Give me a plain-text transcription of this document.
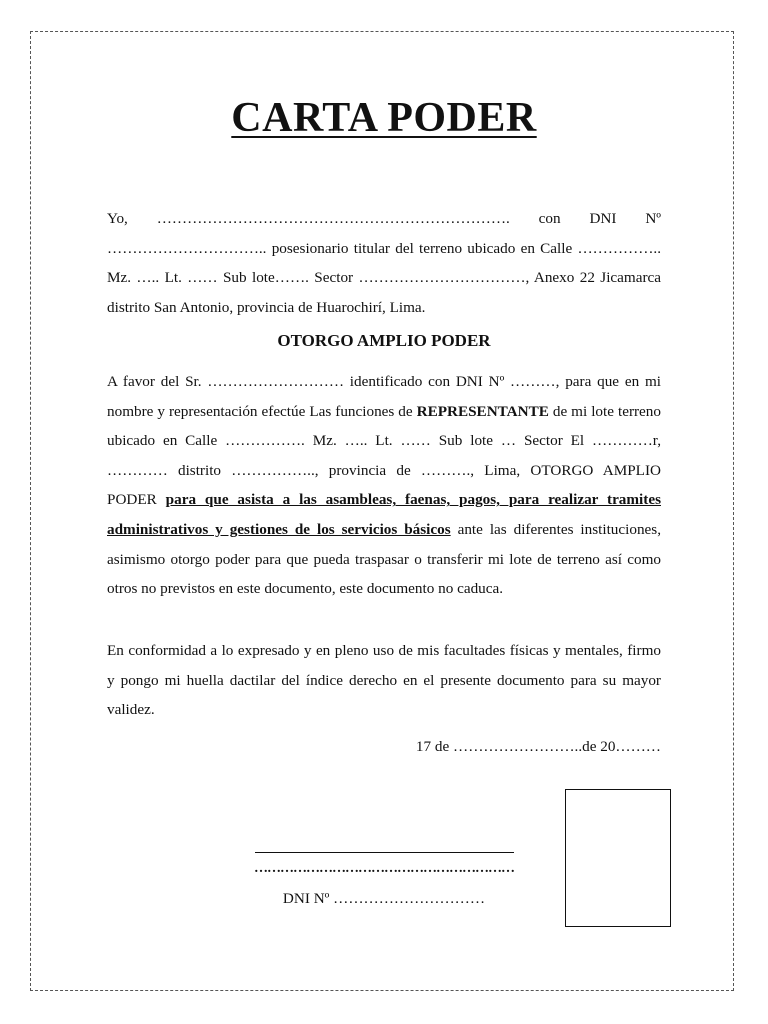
CARTA PODER

Yo, ……………………………………………………………. con DNI Nº ………………………….. posesionario titular del terreno ubicado en Calle …………….. Mz. ….. Lt. …… Sub lote……. Sector ……………………………, Anexo 22 Jicamarca distrito San Antonio, provincia de Huarochirí, Lima.

OTORGO AMPLIO PODER

A favor del Sr. ……………………… identificado con DNI Nº ………, para que en mi nombre y representación efectúe Las funciones de REPRESENTANTE de mi lote terreno ubicado en Calle ……………. Mz. ….. Lt. …… Sub lote … Sector El …………r, ………… distrito …………….., provincia de ………., Lima, OTORGO AMPLIO PODER para que asista a las asambleas, faenas, pagos, para realizar tramites administrativos y gestiones de los servicios básicos ante las diferentes instituciones, asimismo otorgo poder para que pueda traspasar o transferir mi lote de terreno así como otros no previstos en este documento, este documento no caduca.

En conformidad a lo expresado y en pleno uso de mis facultades físicas y mentales, firmo y pongo mi huella dactilar del índice derecho en el presente documento para su mayor validez.

17 de ……………………..de 20………
……………………………………………………
DNI Nº …………………………
